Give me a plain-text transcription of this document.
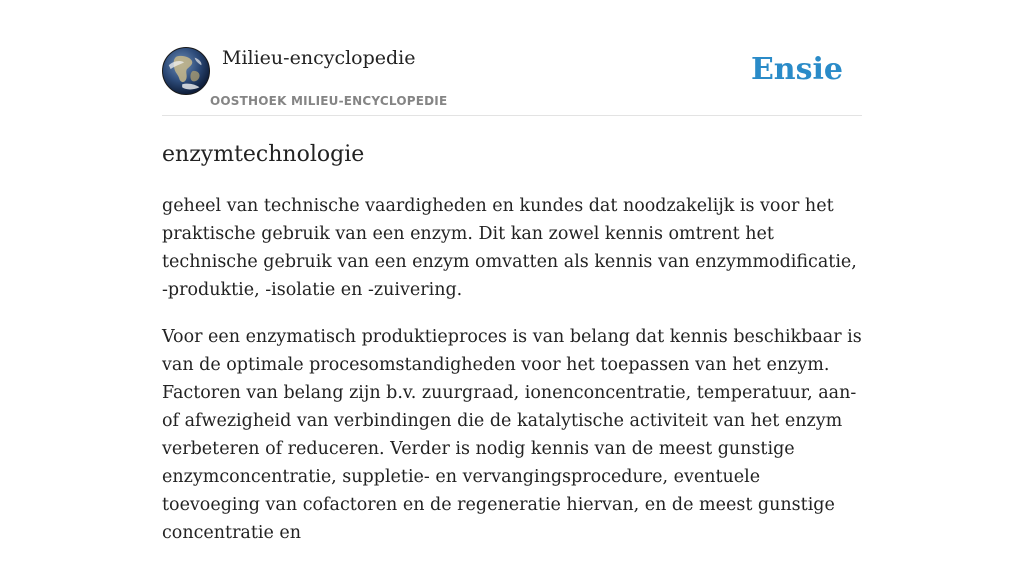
Milieu-encyclopedie
OOSTHOEK MILIEU-ENCYCLOPEDIE
Ensie
enzymtechnologie

geheel van technische vaardigheden en kundes dat noodzakelijk is voor het praktische gebruik van een enzym. Dit kan zowel kennis omtrent het technische gebruik van een enzym omvatten als kennis van enzymmodificatie, -produktie, -isolatie en -zuivering.

Voor een enzymatisch produktieproces is van belang dat kennis beschikbaar is van de optimale procesomstandigheden voor het toepassen van het enzym. Factoren van belang zijn b.v. zuurgraad, ionenconcentratie, temperatuur, aan- of afwezigheid van verbindingen die de katalytische activiteit van het enzym verbeteren of reduceren. Verder is nodig kennis van de meest gunstige enzymconcentratie, suppletie- en vervangingsprocedure, eventuele toevoeging van cofactoren en de regeneratie hiervan, en de meest gunstige concentratie en
